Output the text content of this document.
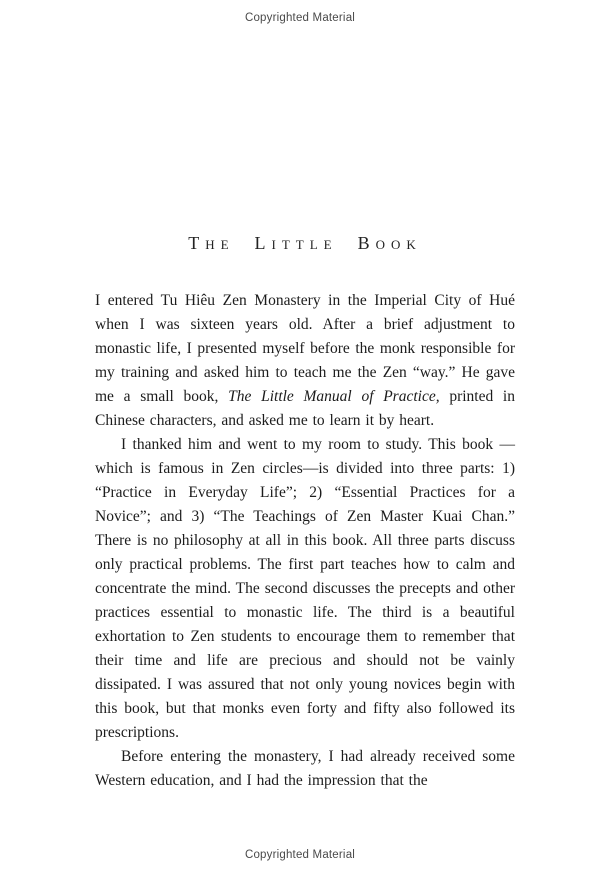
Copyrighted Material
THE LITTLE BOOK

I entered Tu Hiêu Zen Monastery in the Imperial City of Hué when I was sixteen years old. After a brief adjustment to monastic life, I presented myself before the monk responsible for my training and asked him to teach me the Zen “way.” He gave me a small book, The Little Manual of Practice, printed in Chinese characters, and asked me to learn it by heart.

I thanked him and went to my room to study. This book —which is famous in Zen circles—is divided into three parts: 1) “Practice in Everyday Life”; 2) “Essential Practices for a Novice”; and 3) “The Teachings of Zen Master Kuai Chan.” There is no philosophy at all in this book. All three parts discuss only practical problems. The first part teaches how to calm and concentrate the mind. The second discusses the precepts and other practices essential to monastic life. The third is a beautiful exhortation to Zen students to encourage them to remember that their time and life are precious and should not be vainly dissipated. I was assured that not only young novices begin with this book, but that monks even forty and fifty also followed its prescriptions.

Before entering the monastery, I had already received some Western education, and I had the impression that the

Copyrighted Material
